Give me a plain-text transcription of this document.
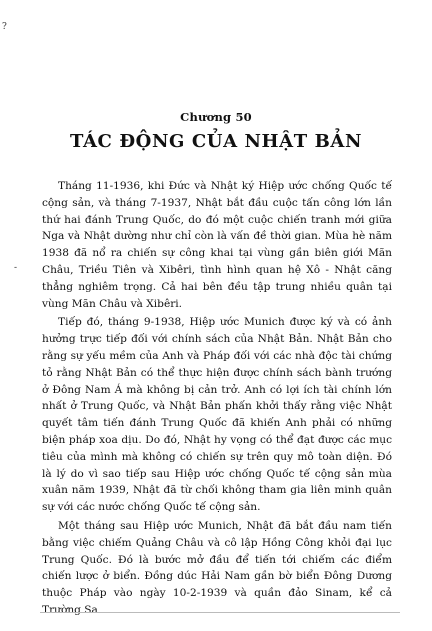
?
-
Chương 50
TÁC ĐỘNG CỦA NHẬT BẢN

Tháng 11-1936, khi Đức và Nhật ký Hiệp ước chống Quốc tế cộng sản, và tháng 7-1937, Nhật bắt đầu cuộc tấn công lớn lần thứ hai đánh Trung Quốc, do đó một cuộc chiến tranh mới giữa Nga và Nhật dường như chỉ còn là vấn đề thời gian. Mùa hè năm 1938 đã nổ ra chiến sự công khai tại vùng gần biên giới Mãn Châu, Triều Tiên và Xibêri, tình hình quan hệ Xô - Nhật căng thẳng nghiêm trọng. Cả hai bên đều tập trung nhiều quân tại vùng Mãn Châu và Xibêri.

Tiếp đó, tháng 9-1938, Hiệp ước Munich được ký và có ảnh hưởng trực tiếp đối với chính sách của Nhật Bản. Nhật Bản cho rằng sự yếu mềm của Anh và Pháp đối với các nhà độc tài chứng tỏ rằng Nhật Bản có thể thực hiện được chính sách bành trướng ở Đông Nam Á mà không bị cản trở. Anh có lợi ích tài chính lớn nhất ở Trung Quốc, và Nhật Bản phấn khởi thấy rằng việc Nhật quyết tâm tiến đánh Trung Quốc đã khiến Anh phải có những biện pháp xoa dịu. Do đó, Nhật hy vọng có thể đạt được các mục tiêu của mình mà không có chiến sự trên quy mô toàn diện. Đó là lý do vì sao tiếp sau Hiệp ước chống Quốc tế cộng sản mùa xuân năm 1939, Nhật đã từ chối không tham gia liên minh quân sự với các nước chống Quốc tế cộng sản.

Một tháng sau Hiệp ước Munich, Nhật đã bắt đầu nam tiến bằng việc chiếm Quảng Châu và cô lập Hồng Công khỏi đại lục Trung Quốc. Đó là bước mở đầu để tiến tới chiếm các điểm chiến lược ở biển. Đồng dúc Hải Nam gần bờ biển Đông Dương thuộc Pháp vào ngày 10-2-1939 và quần đảo Sinam, kể cả Trường Sa
